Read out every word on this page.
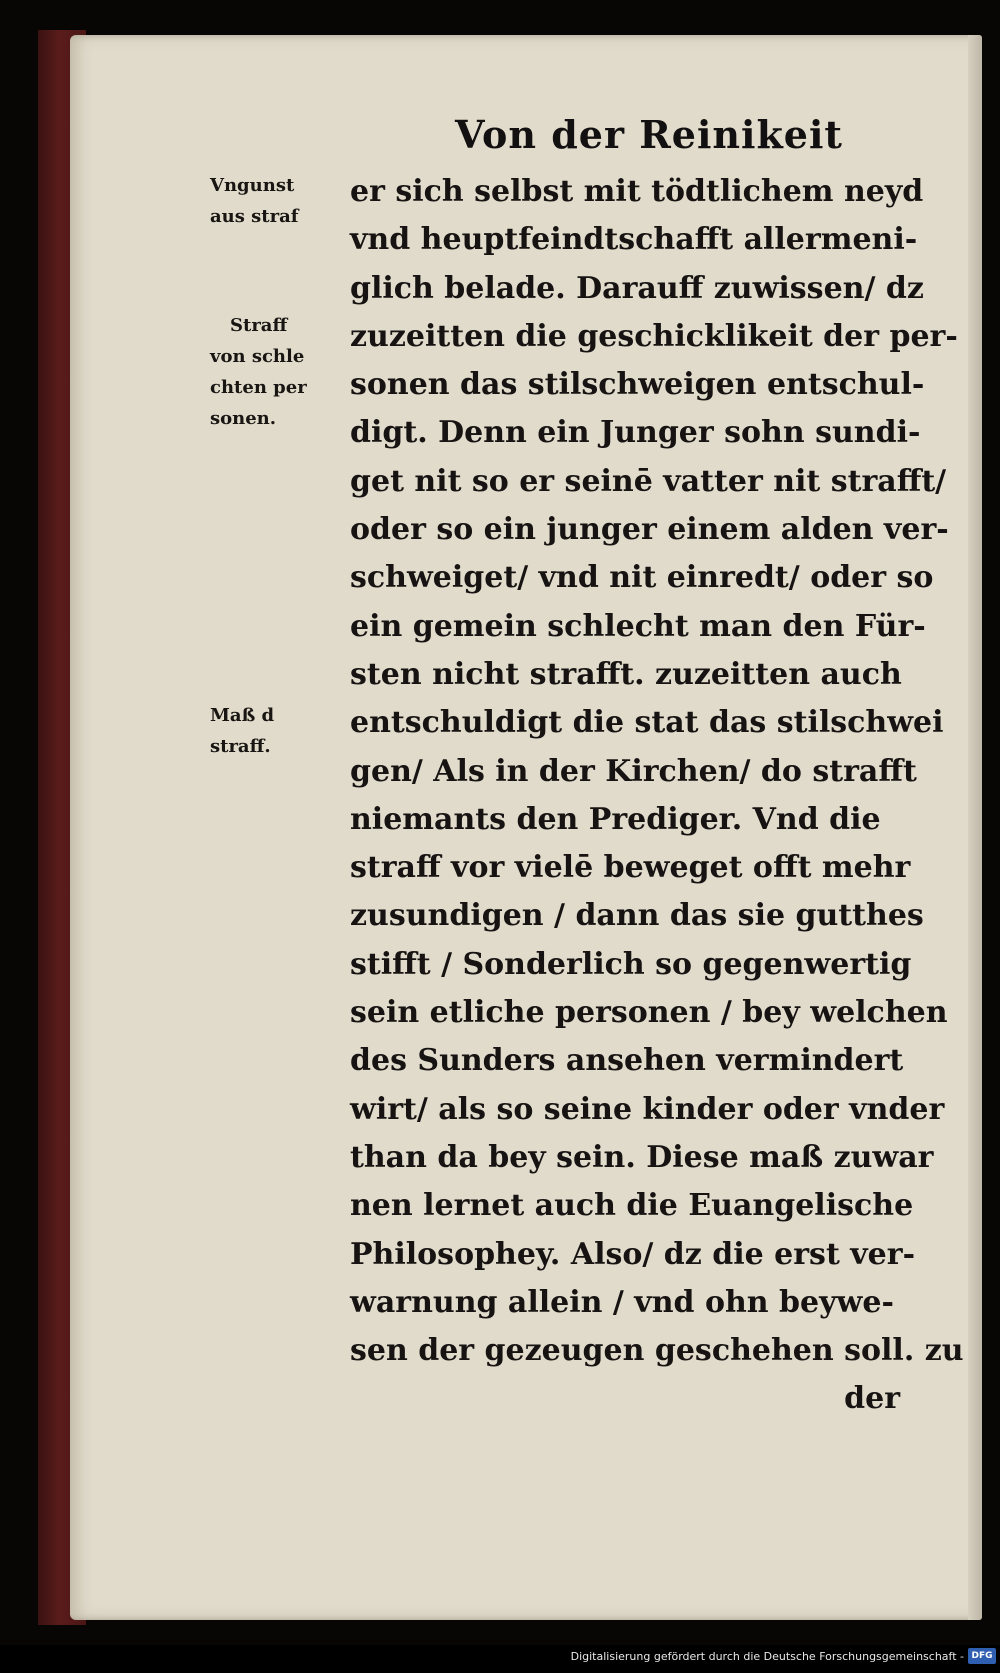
Von der Reinikeit
Vngunst
aus straf
Straff
von schle
chten per
sonen.
Maß d
straff.
er sich selbst mit tödtlichem neyd
vnd heuptfeindtschafft allermeni-
glich belade. Darauff zuwissen/ dz
zuzeitten die geschicklikeit der per-
sonen das stilschweigen entschul-
digt. Denn ein Junger sohn sundi-
get nit so er seinē vatter nit strafft/
oder so ein junger einem alden ver-
schweiget/ vnd nit einredt/ oder so
ein gemein schlecht man den Für-
sten nicht strafft. zuzeitten auch
entschuldigt die stat das stilschwei
gen/ Als in der Kirchen/ do strafft
niemants den Prediger. Vnd die
straff vor vielē beweget offt mehr
zusundigen / dann das sie gutthes
stifft / Sonderlich so gegenwertig
sein etliche personen / bey welchen
des Sunders ansehen vermindert
wirt/ als so seine kinder oder vnder
than da bey sein. Diese maß zuwar
nen lernet auch die Euangelische
Philosophey. Also/ dz die erst ver-
warnung allein / vnd ohn beywe-
sen der gezeugen geschehen soll. zu
der
Digitalisierung gefördert durch die Deutsche Forschungsgemeinschaft - DFG
